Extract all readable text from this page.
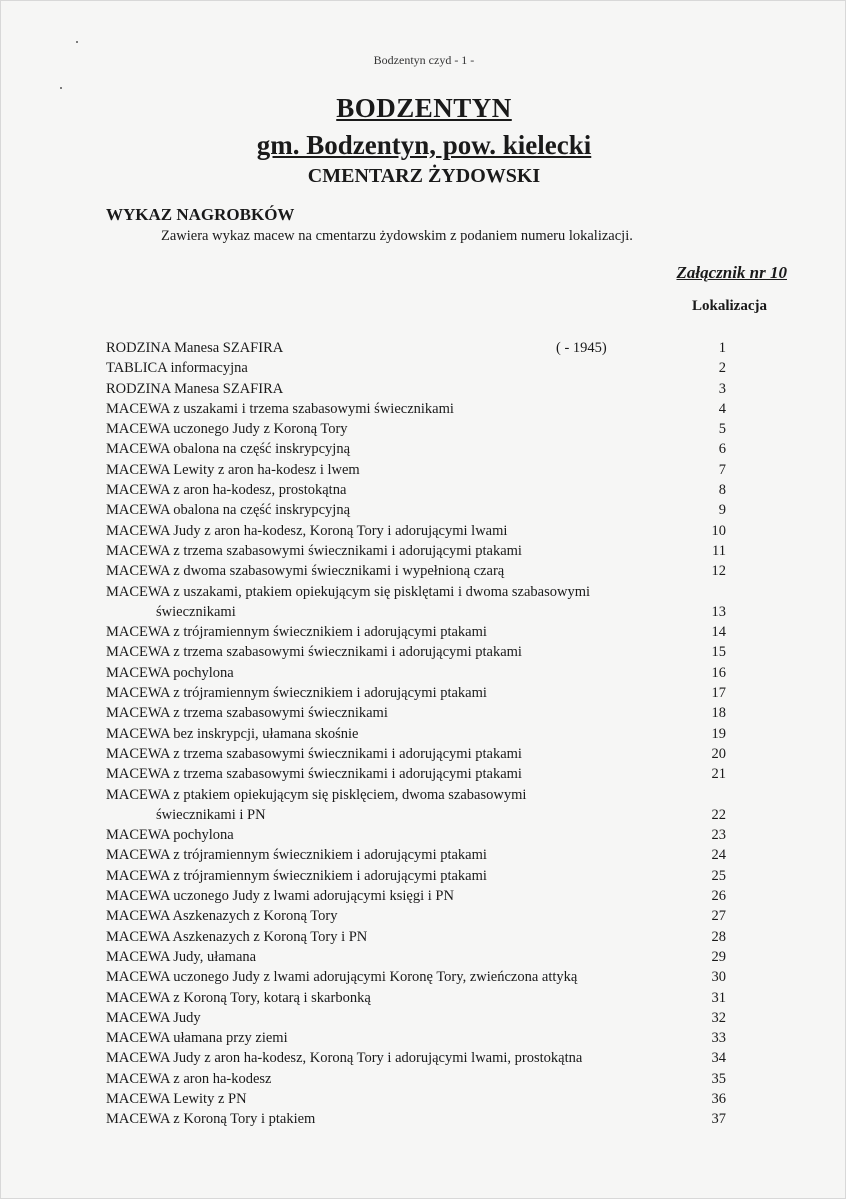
Bodzentyn czyd - 1 -
BODZENTYN
gm. Bodzentyn, pow. kielecki
CMENTARZ ŻYDOWSKI
WYKAZ NAGROBKÓW
Zawiera wykaz macew na cmentarzu żydowskim z podaniem numeru lokalizacji.
Załącznik nr 10
Lokalizacja
RODZINA Manesa SZAFIRA	( - 1945)	1
TABLICA informacyjna	2
RODZINA Manesa SZAFIRA	3
MACEWA z uszakami i trzema szabasowymi świecznikami	4
MACEWA uczonego Judy z Koroną Tory	5
MACEWA obalona na część inskrypcyjną	6
MACEWA Lewity z aron ha-kodesz i lwem	7
MACEWA z aron ha-kodesz, prostokątna	8
MACEWA obalona na część inskrypcyjną	9
MACEWA Judy z aron ha-kodesz, Koroną Tory i adorującymi lwami	10
MACEWA z trzema szabasowymi świecznikami i adorującymi ptakami	11
MACEWA z dwoma szabasowymi świecznikami i wypełnioną czarą	12
MACEWA z uszakami, ptakiem opiekującym się pisklętami i dwoma szabasowymi
świecznikami	13
MACEWA z trójramiennym świecznikiem i adorującymi ptakami	14
MACEWA z trzema szabasowymi świecznikami i adorującymi ptakami	15
MACEWA pochylona	16
MACEWA z trójramiennym świecznikiem i adorującymi ptakami	17
MACEWA z trzema szabasowymi świecznikami	18
MACEWA bez inskrypcji, ułamana skośnie	19
MACEWA z trzema szabasowymi świecznikami i adorującymi ptakami	20
MACEWA z trzema szabasowymi świecznikami i adorującymi ptakami	21
MACEWA z ptakiem opiekującym się pisklęciem, dwoma szabasowymi
świecznikami i PN	22
MACEWA pochylona	23
MACEWA z trójramiennym świecznikiem i adorującymi ptakami	24
MACEWA z trójramiennym świecznikiem i adorującymi ptakami	25
MACEWA uczonego Judy z lwami adorującymi księgi i PN	26
MACEWA Aszkenazych z Koroną Tory	27
MACEWA Aszkenazych z Koroną Tory i PN	28
MACEWA Judy, ułamana	29
MACEWA uczonego Judy z lwami adorującymi Koronę Tory, zwieńczona attyką	30
MACEWA z Koroną Tory, kotarą i skarbonką	31
MACEWA Judy	32
MACEWA ułamana przy ziemi	33
MACEWA Judy z aron ha-kodesz, Koroną Tory i adorującymi lwami, prostokątna	34
MACEWA z aron ha-kodesz	35
MACEWA Lewity z PN	36
MACEWA z Koroną Tory i ptakiem	37
